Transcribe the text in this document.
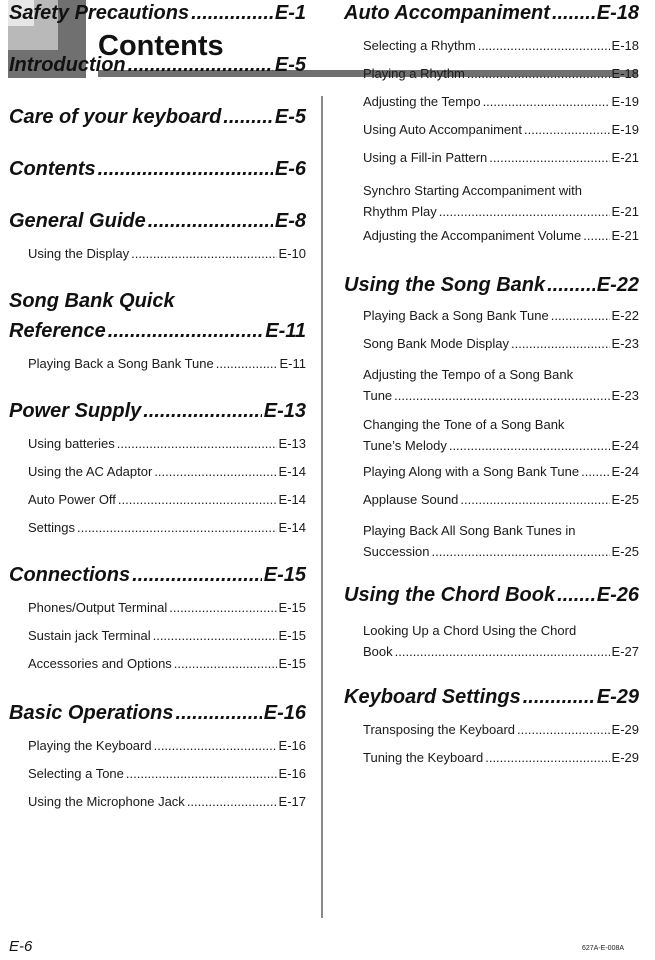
Contents
Safety Precautions .....	E-1
Introduction .....	E-5
Care of your keyboard .....	E-5
Contents .....	E-6
General Guide .....	E-8
Using the Display .....	E-10
Song Bank Quick
Reference .....	E-11
Playing Back a Song Bank Tune .....	E-11
Power Supply .....	E-13
Using batteries .....	E-13
Using the AC Adaptor .....	E-14
Auto Power Off .....	E-14
Settings .....	E-14
Connections .....	E-15
Phones/Output Terminal .....	E-15
Sustain jack Terminal .....	E-15
Accessories and Options .....	E-15
Basic Operations .....	E-16
Playing the Keyboard .....	E-16
Selecting a Tone .....	E-16
Using the Microphone Jack .....	E-17
Auto Accompaniment ..... E-18
Selecting a Rhythm .....	E-18
Playing a Rhythm .....	E-18
Adjusting the Tempo .....	E-19
Using Auto Accompaniment .....	E-19
Using a Fill-in Pattern .....	E-21
Synchro Starting Accompaniment with
Rhythm Play .....	E-21
Adjusting the Accompaniment Volume ..... E-21
Using the Song Bank .....	E-22
Playing Back a Song Bank Tune .....	E-22
Song Bank Mode Display .....	E-23
Adjusting the Tempo of a Song Bank
Tune .....	E-23
Changing the Tone of a Song Bank
Tune’s Melody .....	E-24
Playing Along with a Song Bank Tune ..... E-24
Applause Sound .....	E-25
Playing Back All Song Bank Tunes in
Succession .....	E-25
Using the Chord Book ..... E-26
Looking Up a Chord Using the Chord
Book .....	E-27
Keyboard Settings .....	E-29
Transposing the Keyboard .....	E-29
Tuning the Keyboard .....	E-29
E-6	627A-E-008A
